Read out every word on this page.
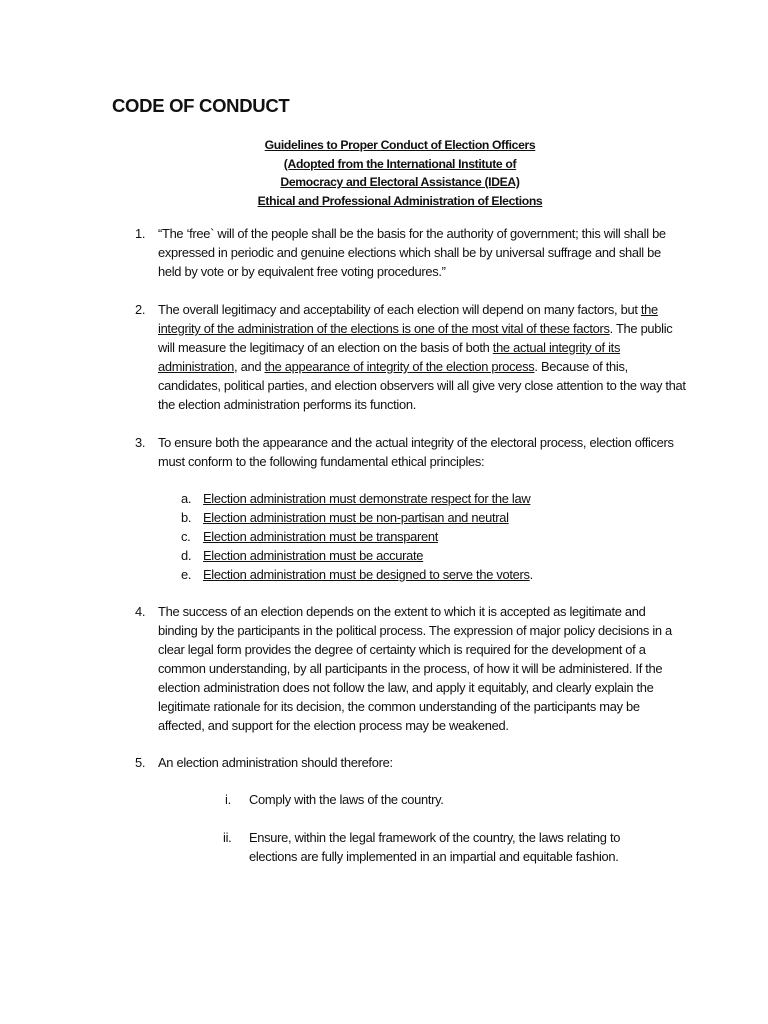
CODE OF CONDUCT
Guidelines to Proper Conduct of Election Officers
(Adopted from the International Institute of
Democracy and Electoral Assistance (IDEA)
Ethical and Professional Administration of Elections
1. “The ‘free` will of the people shall be the basis for the authority of government; this will shall be expressed in periodic and genuine elections which shall be by universal suffrage and shall be held by vote or by equivalent free voting procedures.”
2. The overall legitimacy and acceptability of each election will depend on many factors, but the integrity of the administration of the elections is one of the most vital of these factors. The public will measure the legitimacy of an election on the basis of both the actual integrity of its administration, and the appearance of integrity of the election process. Because of this, candidates, political parties, and election observers will all give very close attention to the way that the election administration performs its function.
3. To ensure both the appearance and the actual integrity of the electoral process, election officers must conform to the following fundamental ethical principles:
a. Election administration must demonstrate respect for the law
b. Election administration must be non-partisan and neutral
c. Election administration must be transparent
d. Election administration must be accurate
e. Election administration must be designed to serve the voters.
4. The success of an election depends on the extent to which it is accepted as legitimate and binding by the participants in the political process. The expression of major policy decisions in a clear legal form provides the degree of certainty which is required for the development of a common understanding, by all participants in the process, of how it will be administered. If the election administration does not follow the law, and apply it equitably, and clearly explain the legitimate rationale for its decision, the common understanding of the participants may be affected, and support for the election process may be weakened.
5. An election administration should therefore:
i. Comply with the laws of the country.
ii. Ensure, within the legal framework of the country, the laws relating to elections are fully implemented in an impartial and equitable fashion.
